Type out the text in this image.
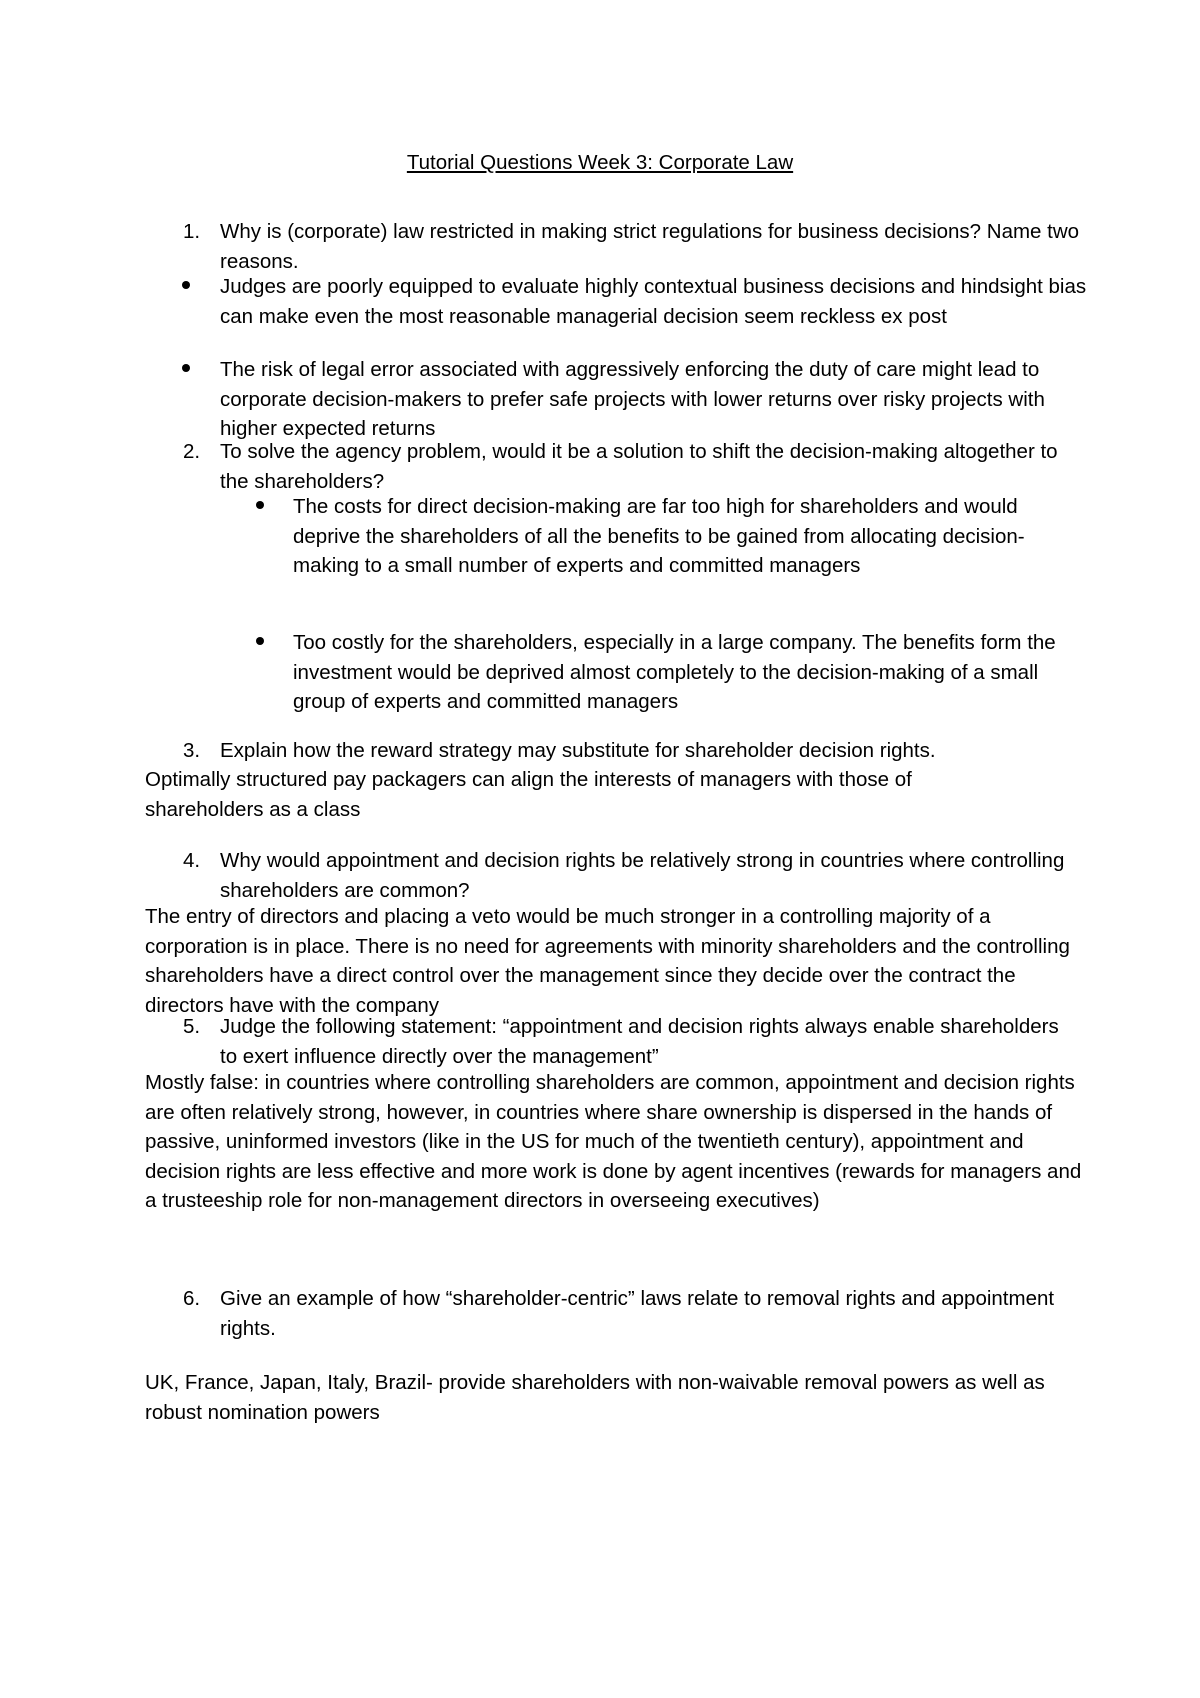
Tutorial Questions Week 3: Corporate Law
1. Why is (corporate) law restricted in making strict regulations for business decisions? Name two reasons.
Judges are poorly equipped to evaluate highly contextual business decisions and hindsight bias can make even the most reasonable managerial decision seem reckless ex post
The risk of legal error associated with aggressively enforcing the duty of care might lead to corporate decision-makers to prefer safe projects with lower returns over risky projects with higher expected returns
2. To solve the agency problem, would it be a solution to shift the decision-making altogether to the shareholders?
The costs for direct decision-making are far too high for shareholders and would deprive the shareholders of all the benefits to be gained from allocating decision-making to a small number of experts and committed managers
Too costly for the shareholders, especially in a large company. The benefits form the investment would be deprived almost completely to the decision-making of a small group of experts and committed managers
3. Explain how the reward strategy may substitute for shareholder decision rights.
Optimally structured pay packagers can align the interests of managers with those of shareholders as a class
4. Why would appointment and decision rights be relatively strong in countries where controlling shareholders are common?
The entry of directors and placing a veto would be much stronger in a controlling majority of a corporation is in place. There is no need for agreements with minority shareholders and the controlling shareholders have a direct control over the management since they decide over the contract the directors have with the company
5. Judge the following statement: “appointment and decision rights always enable shareholders to exert influence directly over the management”
Mostly false: in countries where controlling shareholders are common, appointment and decision rights are often relatively strong, however, in countries where share ownership is dispersed in the hands of passive, uninformed investors (like in the US for much of the twentieth century), appointment and decision rights are less effective and more work is done by agent incentives (rewards for managers and a trusteeship role for non-management directors in overseeing executives)
6. Give an example of how “shareholder-centric” laws relate to removal rights and appointment rights.
UK, France, Japan, Italy, Brazil- provide shareholders with non-waivable removal powers as well as robust nomination powers
